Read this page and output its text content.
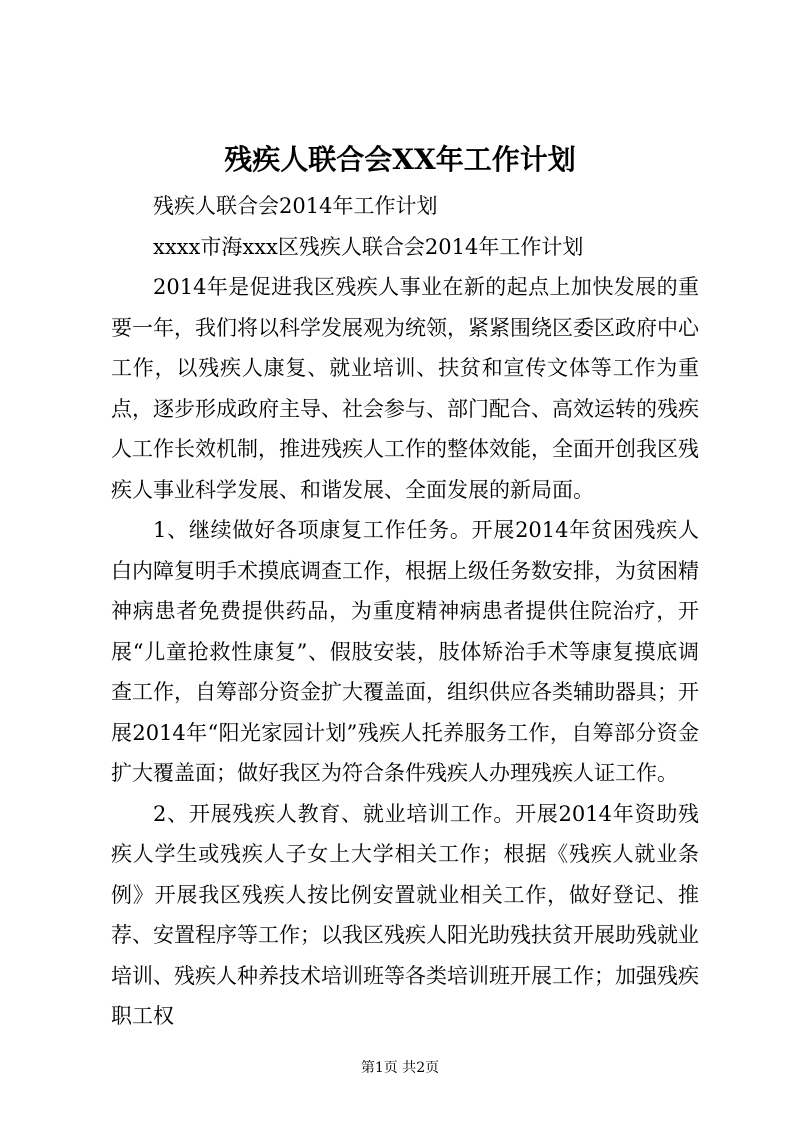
残疾人联合会XX年工作计划

残疾人联合会2014年工作计划

xxxx市海xxx区残疾人联合会2014年工作计划

2014年是促进我区残疾人事业在新的起点上加快发展的重要一年，我们将以科学发展观为统领，紧紧围绕区委区政府中心工作，以残疾人康复、就业培训、扶贫和宣传文体等工作为重点，逐步形成政府主导、社会参与、部门配合、高效运转的残疾人工作长效机制，推进残疾人工作的整体效能，全面开创我区残疾人事业科学发展、和谐发展、全面发展的新局面。

1、继续做好各项康复工作任务。开展2014年贫困残疾人白内障复明手术摸底调查工作，根据上级任务数安排，为贫困精神病患者免费提供药品，为重度精神病患者提供住院治疗，开展“儿童抢救性康复”、假肢安装，肢体矫治手术等康复摸底调查工作，自筹部分资金扩大覆盖面，组织供应各类辅助器具；开展2014年“阳光家园计划”残疾人托养服务工作，自筹部分资金扩大覆盖面；做好我区为符合条件残疾人办理残疾人证工作。

2、开展残疾人教育、就业培训工作。开展2014年资助残疾人学生或残疾人子女上大学相关工作；根据《残疾人就业条例》开展我区残疾人按比例安置就业相关工作，做好登记、推荐、安置程序等工作；以我区残疾人阳光助残扶贫开展助残就业培训、残疾人种养技术培训班等各类培训班开展工作；加强残疾职工权

第1页 共2页
